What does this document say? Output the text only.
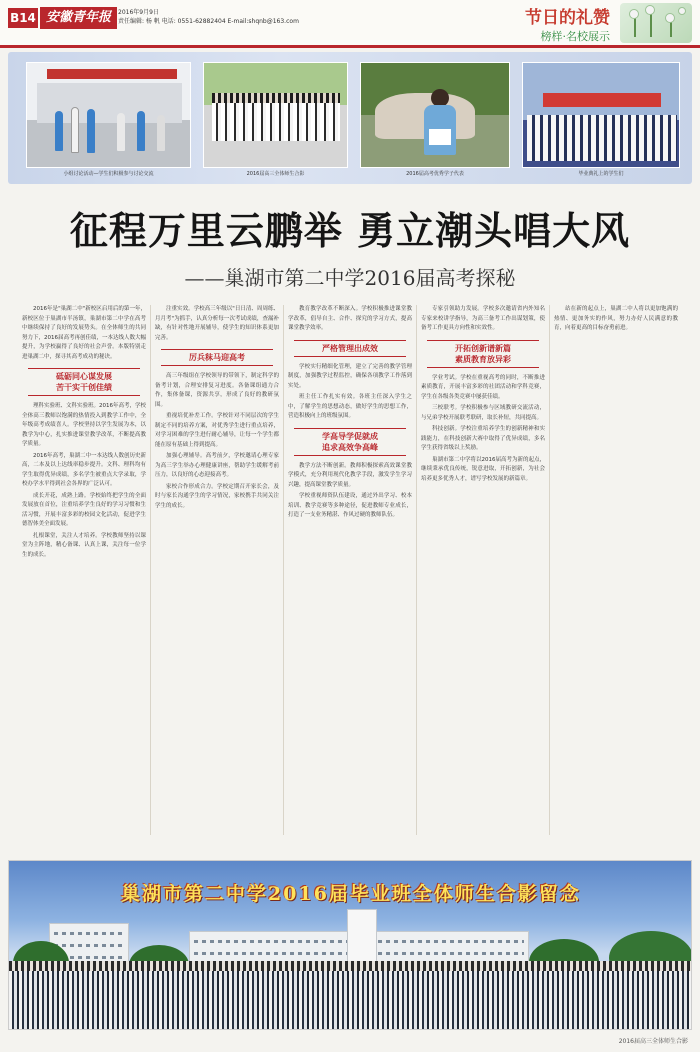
B14 安徽青年报	2016年9月9日
责任编辑: 杨 帆 电话: 0551-62882404 E-mail:shqnb@163.com	节日的礼赞
榜样·名校展示
小组讨论活动—学生们积极参与讨论交流	2016届高三全体师生合影	2016届高考优秀学子代表	毕业典礼上的学生们
征程万里云鹏举 勇立潮头唱大风
——巢湖市第二中学2016届高考探秘

2016年是"巢湖二中"新校区启用后的第一年，新校区位于巢湖市半汤镇，巢湖市第二中学在高考中继续保持了良好的发展势头。在全体师生的共同努力下，2016届高考再创佳绩，一本达线人数大幅提升，为学校赢得了良好的社会声誉。本版特别走进巢湖二中，探寻其高考成功的秘诀。

砥砺同心谋发展
苦干实干创佳绩

理科实验班、文科实验班。2016年高考，学校全体高三教师以饱满的热情投入到教学工作中，全年级高考成绩喜人。学校坚持以学生发展为本，以教学为中心，扎实推进课堂教学改革，不断提高教学质量。

2016年高考，巢湖二中一本达线人数创历史新高，二本及以上达线率稳步提升。文科、理科均有学生取得优异成绩，多名学生被重点大学录取，学校办学水平得到社会各界的广泛认可。

成长开花，成熟上路。学校始终把学生的全面发展放在首位，注重培养学生良好的学习习惯和生活习惯，开展丰富多彩的校园文化活动，促进学生德智体美全面发展。

扎根课堂，关注人才培养。学校教师坚持以课堂为主阵地，精心备课、认真上课，关注每一位学生的成长。

注重实效。学校高三年级以"日日清、周周练、月月考"为抓手，认真分析每一次考试成绩，查漏补缺，有针对性地开展辅导，使学生的知识体系更加完善。

厉兵秣马迎高考

高三年级组在学校领导的带领下，制定科学的备考计划，合理安排复习进度。各备课组通力合作，集体备课，资源共享，形成了良好的教研氛围。

重视培优补差工作。学校针对不同层次的学生制定不同的培养方案，对优秀学生进行重点培养，对学习困难的学生进行耐心辅导，让每一个学生都能在原有基础上得到提高。

加强心理辅导。高考前夕，学校邀请心理专家为高三学生举办心理健康讲座，帮助学生缓解考前压力，以良好的心态迎接高考。

家校合作形成合力。学校定期召开家长会，及时与家长沟通学生的学习情况，家校携手共同关注学生的成长。

教育教学改革不断深入。学校积极推进课堂教学改革，倡导自主、合作、探究的学习方式，提高课堂教学效率。

严格管理出成效

学校实行精细化管理，建立了完善的教学管理制度，加强教学过程监控，确保各项教学工作落到实处。

班主任工作扎实有效。各班主任深入学生之中，了解学生的思想动态，做好学生的思想工作，营造积极向上的班级氛围。

学高导学促就成
追求高效争高峰

教学方法不断创新。教师积极探索高效课堂教学模式，充分利用现代化教学手段，激发学生学习兴趣，提高课堂教学质量。

学校重视师资队伍建设，通过外出学习、校本培训、教学竞赛等多种途径，促进教师专业成长，打造了一支业务精湛、作风过硬的教师队伍。

专家引领助力发展。学校多次邀请省内外知名专家来校讲学指导，为高三备考工作出谋划策，使备考工作更具方向性和实效性。

开拓创新谱新篇
素质教育放异彩

学业考试。学校在重视高考的同时，不断推进素质教育，开展丰富多彩的社团活动和学科竞赛，学生在各级各类竞赛中屡获佳绩。

三校联考。学校积极参与区域教研交流活动，与兄弟学校开展联考联研，取长补短，共同提高。

科技创新。学校注重培养学生的创新精神和实践能力，在科技创新大赛中取得了优异成绩，多名学生获得省级以上奖励。

巢湖市第二中学将以2016届高考为新的起点，继续秉承优良传统，锐意进取，开拓创新，为社会培养更多优秀人才，谱写学校发展的新篇章。

站在新的起点上，巢湖二中人将以更加饱满的热情、更加务实的作风，努力办好人民满意的教育，向着更高的目标奋勇前进。

巢湖市第二中学2016届毕业班全体师生合影留念
2016届高三全体师生合影
